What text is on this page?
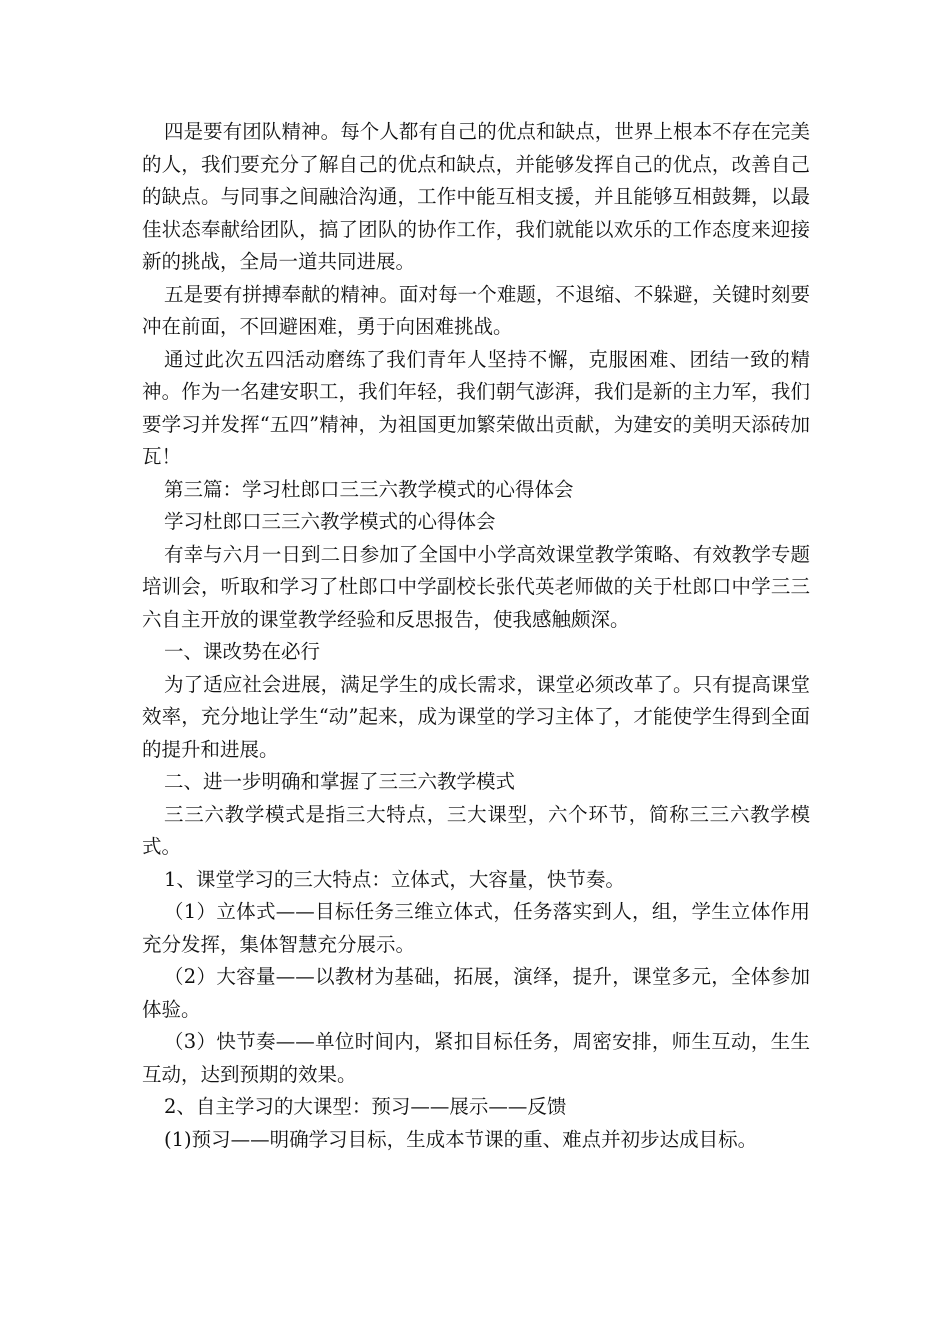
四是要有团队精神。每个人都有自己的优点和缺点，世界上根本不存在完美的人，我们要充分了解自己的优点和缺点，并能够发挥自己的优点，改善自己的缺点。与同事之间融洽沟通，工作中能互相支援，并且能够互相鼓舞，以最佳状态奉献给团队，搞了团队的协作工作，我们就能以欢乐的工作态度来迎接新的挑战，全局一道共同进展。

五是要有拼搏奉献的精神。面对每一个难题，不退缩、不躲避，关键时刻要冲在前面，不回避困难，勇于向困难挑战。

通过此次五四活动磨练了我们青年人坚持不懈，克服困难、团结一致的精神。作为一名建安职工，我们年轻，我们朝气澎湃，我们是新的主力军，我们要学习并发挥“五四”精神，为祖国更加繁荣做出贡献，为建安的美明天添砖加瓦！

第三篇：学习杜郎口三三六教学模式的心得体会

学习杜郎口三三六教学模式的心得体会

有幸与六月一日到二日参加了全国中小学高效课堂教学策略、有效教学专题培训会，听取和学习了杜郎口中学副校长张代英老师做的关于杜郎口中学三三六自主开放的课堂教学经验和反思报告，使我感触颇深。

一、课改势在必行

为了适应社会进展，满足学生的成长需求，课堂必须改革了。只有提高课堂效率，充分地让学生“动”起来，成为课堂的学习主体了，才能使学生得到全面的提升和进展。

二、进一步明确和掌握了三三六教学模式

三三六教学模式是指三大特点，三大课型，六个环节，简称三三六教学模式。

1、课堂学习的三大特点：立体式，大容量，快节奏。

（1）立体式——目标任务三维立体式，任务落实到人，组，学生立体作用充分发挥，集体智慧充分展示。

（2）大容量——以教材为基础，拓展，演绎，提升，课堂多元，全体参加体验。

（3）快节奏——单位时间内，紧扣目标任务，周密安排，师生互动，生生互动，达到预期的效果。

2、自主学习的大课型：预习——展示——反馈

(1)预习——明确学习目标，生成本节课的重、难点并初步达成目标。
